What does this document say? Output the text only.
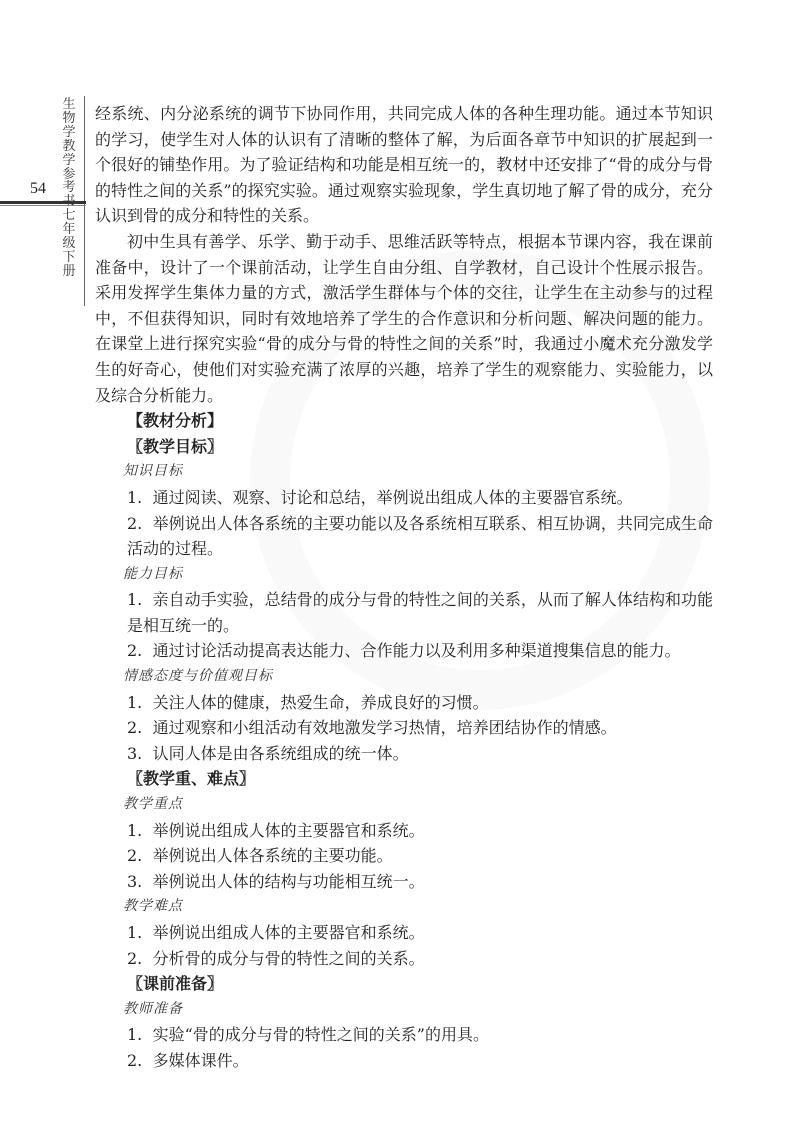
生
物
学
教
学
参
考
七
年
级
下
册
54

经系统、内分泌系统的调节下协同作用，共同完成人体的各种生理功能。通过本节知识的学习，使学生对人体的认识有了清晰的整体了解，为后面各章节中知识的扩展起到一个很好的铺垫作用。为了验证结构和功能是相互统一的，教材中还安排了“骨的成分与骨的特性之间的关系”的探究实验。通过观察实验现象，学生真切地了解了骨的成分，充分认识到骨的成分和特性的关系。

初中生具有善学、乐学、勤于动手、思维活跃等特点，根据本节课内容，我在课前准备中，设计了一个课前活动，让学生自由分组、自学教材，自己设计个性展示报告。采用发挥学生集体力量的方式，激活学生群体与个体的交往，让学生在主动参与的过程中，不但获得知识，同时有效地培养了学生的合作意识和分析问题、解决问题的能力。在课堂上进行探究实验“骨的成分与骨的特性之间的关系”时，我通过小魔术充分激发学生的好奇心，使他们对实验充满了浓厚的兴趣，培养了学生的观察能力、实验能力，以及综合分析能力。

【教材分析】

〖教学目标〗

知识目标

1. 通过阅读、观察、讨论和总结，举例说出组成人体的主要器官系统。

2. 举例说出人体各系统的主要功能以及各系统相互联系、相互协调，共同完成生命活动的过程。

能力目标

1. 亲自动手实验，总结骨的成分与骨的特性之间的关系，从而了解人体结构和功能是相互统一的。

2. 通过讨论活动提高表达能力、合作能力以及利用多种渠道搜集信息的能力。

情感态度与价值观目标

1. 关注人体的健康，热爱生命，养成良好的习惯。

2. 通过观察和小组活动有效地激发学习热情，培养团结协作的情感。

3. 认同人体是由各系统组成的统一体。

〖教学重、难点〗

教学重点

1. 举例说出组成人体的主要器官和系统。

2. 举例说出人体各系统的主要功能。

3. 举例说出人体的结构与功能相互统一。

教学难点

1. 举例说出组成人体的主要器官和系统。

2. 分析骨的成分与骨的特性之间的关系。

〖课前准备〗

教师准备

1. 实验“骨的成分与骨的特性之间的关系”的用具。

2. 多媒体课件。
